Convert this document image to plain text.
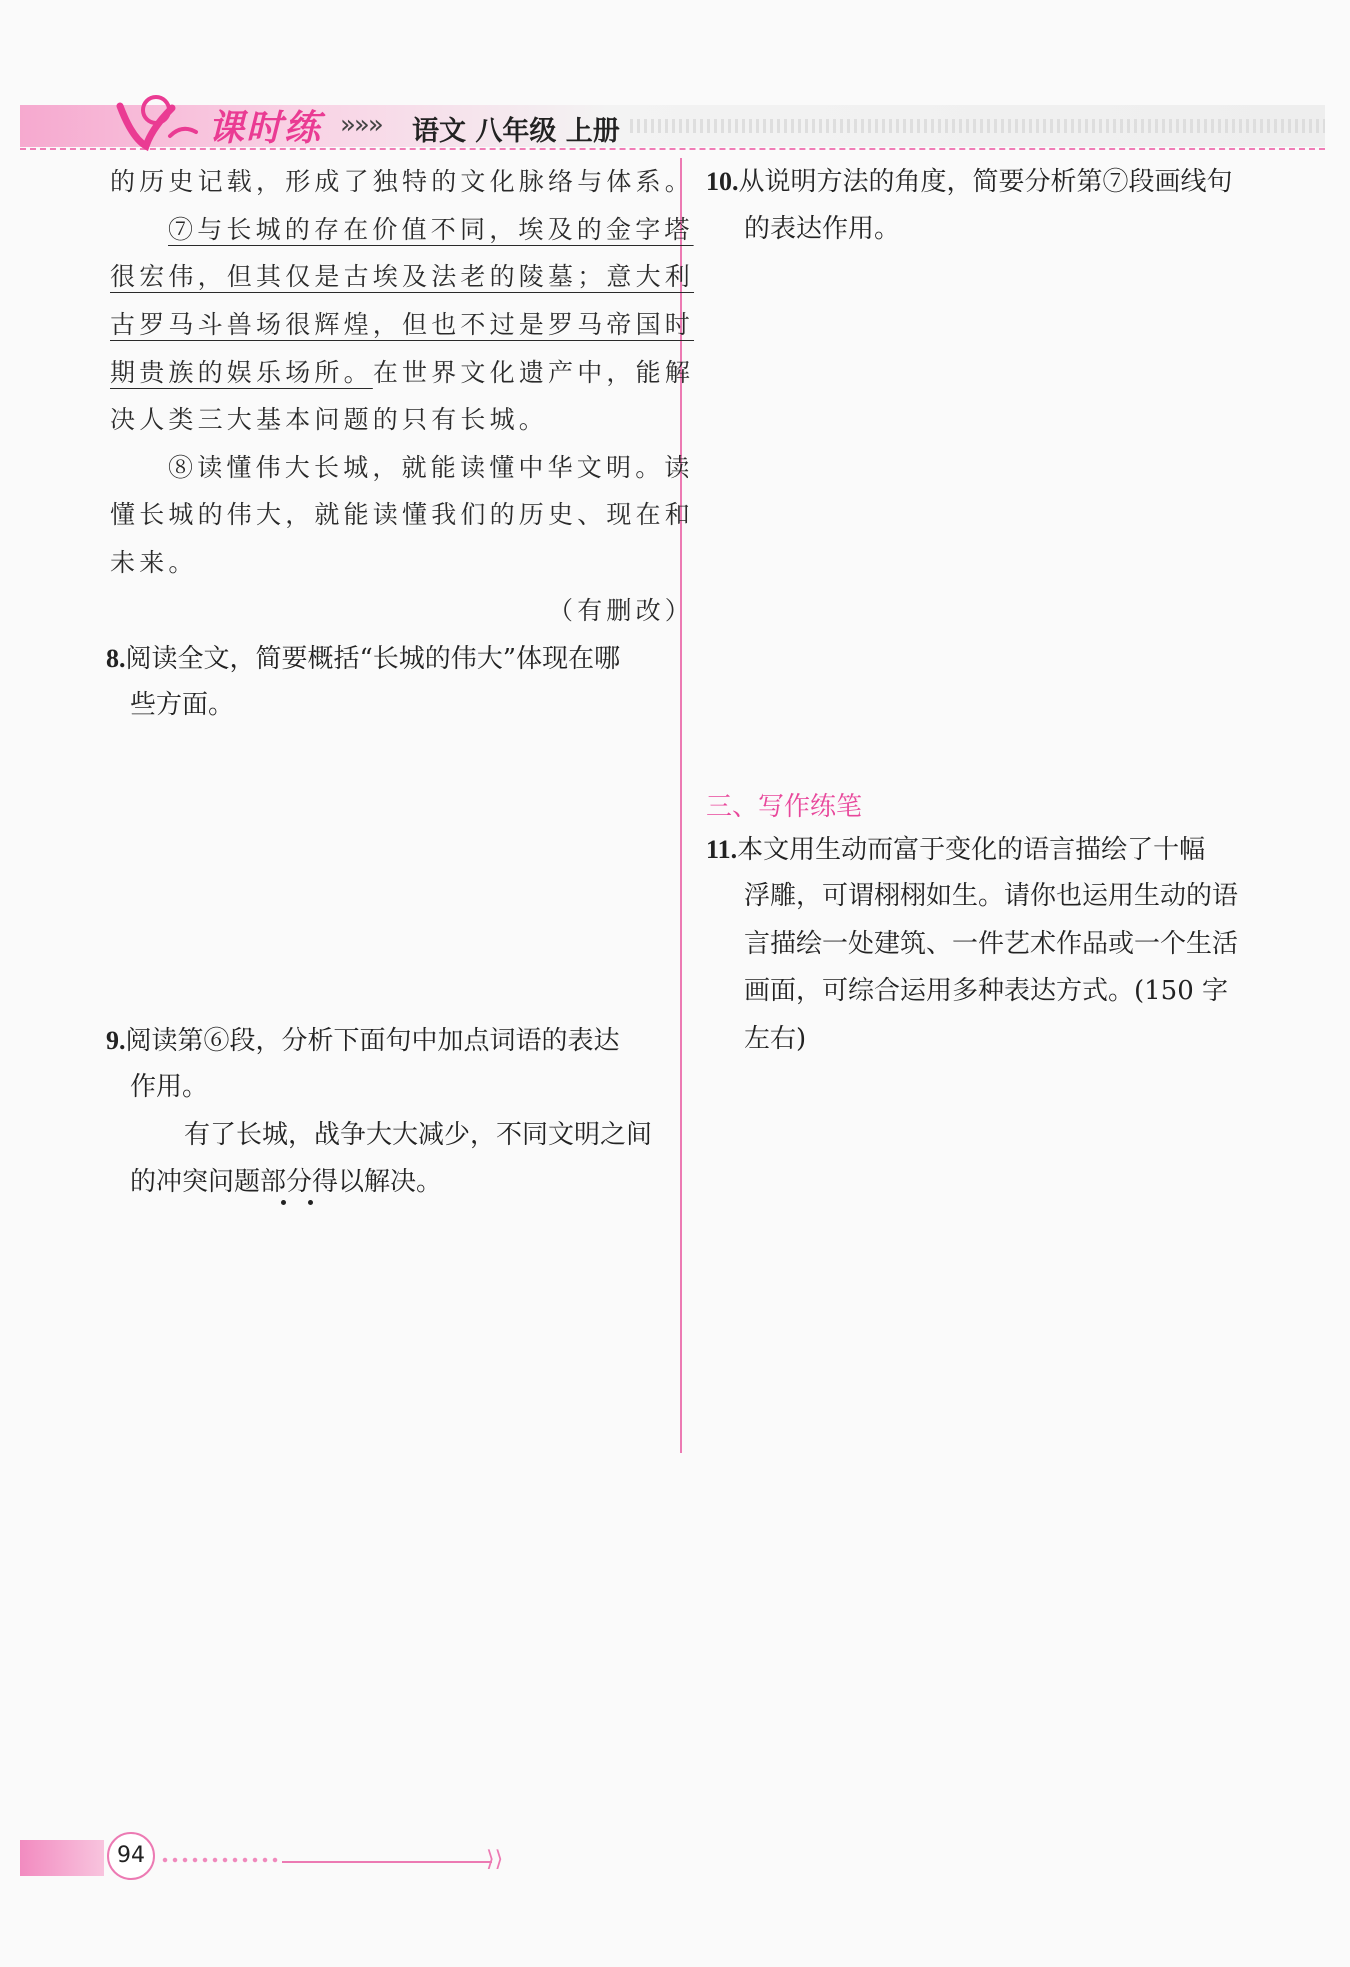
课时练 »»» 语文 八年级 上册

的历史记载，形成了独特的文化脉络与体系。

⑦与长城的存在价值不同，埃及的金字塔

很宏伟，但其仅是古埃及法老的陵墓；意大利

古罗马斗兽场很辉煌，但也不过是罗马帝国时

期贵族的娱乐场所。在世界文化遗产中，能解

决人类三大基本问题的只有长城。

⑧读懂伟大长城，就能读懂中华文明。读

懂长城的伟大，就能读懂我们的历史、现在和

未来。

（有删改）

8.阅读全文，简要概括“长城的伟大”体现在哪

些方面。

9.阅读第⑥段，分析下面句中加点词语的表达

作用。

有了长城，战争大大减少，不同文明之间

的冲突问题部分得以解决。

10.从说明方法的角度，简要分析第⑦段画线句

的表达作用。

三、写作练笔

11.本文用生动而富于变化的语言描绘了十幅

浮雕，可谓栩栩如生。请你也运用生动的语

言描绘一处建筑、一件艺术作品或一个生活

画面，可综合运用多种表达方式。(150 字

左右)

94	⟩⟩
